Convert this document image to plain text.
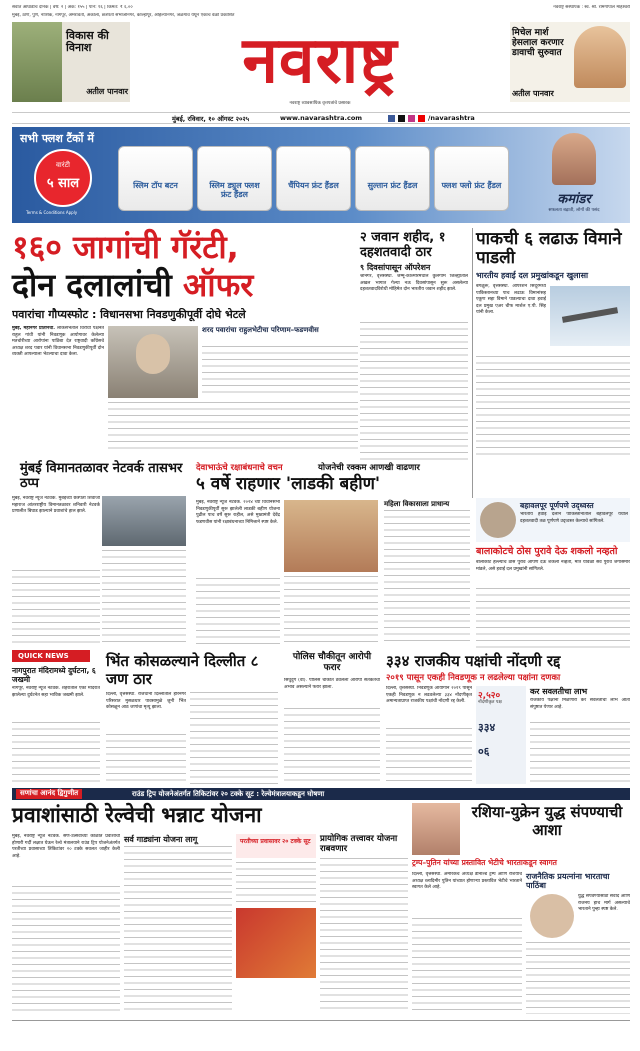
सर्वात आघाडीचे दैनिक | वर्ष: २ | अंक: १५५ | पाने: १६ | किंमत: ₹ ६.००
मुंबई, ठाणे, पुणे, नाशिक, नागपूर, अमरावती, अकोला, छत्रपती संभाजीनगर, कोल्हापूर, अहिल्यानगर, जळगाव येथून एकाच वेळी प्रकाशित
नवराष्ट्र संस्थापक : स्व. श्री. रामगोपाल माहेश्वरी
विकास की विनाश
अतील पानवार	नवराष्ट्र
नवराष्ट्र व्यावसायिक वृत्तपत्रांचे प्रसारक
मिचेल मार्श हेसलाल करणार डावाची सुरुवात
अतील पानवार
मुंबई, रविवार, १० ऑगस्ट २०२५	www.navarashtra.com	/navarashtra
सभी फ्लश टैंकों में
वारंटी
५ साल
Terms & Conditions Apply
कमांडर
सफलता बढ़ाती, लोगों की पसंद
स्लिम टॉप बटन	स्लिम ड्युल फ्लश फ्रंट हैंडल
चैंपियन फ्रंट हैंडल	सुल्तान फ्रंट हैंडल	फ्लश फ्लो फ्रंट हैंडल
१६० जागांची गॅरंटी,
दोन दलालांची ऑफर
पवारांचा गौप्यस्फोट : विधानसभा निवडणुकीपूर्वी दोघे भेटले
मुंबई, महानगर प्रतिनिधी. लोकसभेतील विरोधी पक्षनेते राहुल गांधी यांनी निवडणूक आयोगावर केलेल्या मतचोरीच्या आरोपांना पाठिंबा देत राष्ट्रवादी काँग्रेसचे अध्यक्ष शरद पवार यांनी विधानसभा निवडणुकीपूर्वी दोन व्यक्ती आपल्याला भेटल्याचा दावा केला.
शरद पवारांचा राहुलभेटीचा परिणाम–फडणवीस
२ जवान शहीद, १ दहशतवादी ठार
९ दिवसांपासून ऑपरेशन
श्रीनगर, वृत्तसंस्था. जम्मू-काश्मीरमधील कुलगाम जिल्ह्यातील अखल भागात गेल्या नऊ दिवसांपासून सुरू असलेल्या दहशतवादविरोधी मोहिमेत दोन भारतीय जवान शहीद झाले.
पाकची ६ लढाऊ विमाने पाडली
भारतीय हवाई दल प्रमुखांकडून खुलासा
बंगळुरू, वृत्तसंस्था. ऑपरेशन सिंदूरमध्ये पाकिस्तानच्या पाच लढाऊ विमानांसह एकूण सहा विमाने पाडल्याचा दावा हवाई दल प्रमुख एअर चीफ मार्शल ए.पी. सिंह यांनी केला.
मुंबई विमानतळावर नेटवर्क तासभर ठप्प
मुंबई, नवराष्ट्र न्यूज नेटवर्क. मुंबईच्या छत्रपती शिवाजी महाराज आंतरराष्ट्रीय विमानतळावर शनिवारी नेटवर्क प्रणालीत बिघाड झाल्याने प्रवाशांचे हाल झाले.
देवाभाऊंचे रक्षाबंधनाचे वचन	योजनेची रक्कम आणखी वाढणार
५ वर्षे राहणार 'लाडकी बहीण'
मुंबई, नवराष्ट्र न्यूज नेटवर्क. २०२४ च्या विधानसभा निवडणुकीपूर्वी सुरू झालेली लाडकी बहीण योजना पुढील पाच वर्षे सुरू राहील, असे मुख्यमंत्री देवेंद्र फडणवीस यांनी रक्षाबंधनाच्या निमित्ताने स्पष्ट केले.
महिला विकासाला प्राधान्य	बहावलपूर पूर्णपणे उद्ध्वस्त
भारतीय हवाई दलाने पाकिस्तानातील बहावलपूर येथील दहशतवादी तळ पूर्णपणे उद्ध्वस्त केल्याचे सांगितले.
बालाकोटचे ठोस पुरावे देऊ शकलो नव्हतो
बालाकोट हल्ल्याचे ठोस पुरावे आपण देऊ शकलो नव्हतो, मात्र यावेळी सर्व पुरावे जगासमोर मांडले, असे हवाई दल प्रमुखांनी सांगितले.
QUICK NEWS
नागपुरात मंदिरामध्ये दुर्घटना, ६ जखमी
नागपूर, नवराष्ट्र न्यूज नेटवर्क. शहरातील एका मंदिरात झालेल्या दुर्घटनेत सहा भाविक जखमी झाले.
भिंत कोसळल्याने दिल्लीत ८ जण ठार
दिल्ली, वृत्तसंस्था. राजधानी दिल्लीतील हरिनगर परिसरात मुसळधार पावसामुळे जुनी भिंत कोसळून आठ जणांचा मृत्यू झाला.
पोलिस चौकीतून आरोपी फरार
सिंधुदुर्ग (वा). पोलिस चौकीत ठेवलेला आरोपी सतर्कतेचा अभाव असल्याने फरार झाला.
३३४ राजकीय पक्षांची नोंदणी रद्द
२०१९ पासून एकही निवडणूक न लढलेल्या पक्षांना दणका
दिल्ली, वृत्तसंस्था. निवडणूक आयोगाने २०१९ पासून एकही निवडणूक न लढवलेल्या ३३४ नोंदणीकृत अमान्यताप्राप्त राजकीय पक्षांची नोंदणी रद्द केली.
२,५२०
नोंदणीकृत पक्ष
३३४
०६
कर सवलतीचा लाभ
राजकीय पक्षांना मिळणारा कर सवलतीचा लाभ आता संपुष्टात येणार आहे.
सणांचा आनंद द्विगुणीत	राउंड ट्रिप योजनेअंतर्गत तिकिटांवर २० टक्के सूट : रेल्वेमंत्रालयाकडून घोषणा
प्रवाशांसाठी रेल्वेची भन्नाट योजना
मुंबई, नवराष्ट्र न्यूज नेटवर्क. सण-उत्सवाच्या काळात प्रवाशांची होणारी गर्दी लक्षात घेऊन रेल्वे मंत्रालयाने राउंड ट्रिप योजनेअंतर्गत परतीच्या प्रवासाच्या तिकिटांवर २० टक्के सवलत जाहीर केली आहे.
सर्व गाड्यांना योजना लागू	परतीच्या प्रवासावर २० टक्के सूट	प्रायोगिक तत्त्वावर योजना राबवणार
रशिया-युक्रेन युद्ध संपण्याची आशा
ट्रम्प–पुतिन यांच्या प्रस्तावित भेटीचे भारताकडून स्वागत
दिल्ली, वृत्तसंस्था. अमेरिकेचे अध्यक्ष डोनाल्ड ट्रम्प आणि रशियाचे अध्यक्ष व्लादिमीर पुतिन यांच्यात होणाऱ्या प्रस्तावित भेटीचे भारताने स्वागत केले आहे.
राजनैतिक प्रयत्नांना भारताचा पाठिंबा
युद्ध संपवण्यासाठी संवाद आणि राजनय हाच मार्ग असल्याचे भारताने पुन्हा स्पष्ट केले.
